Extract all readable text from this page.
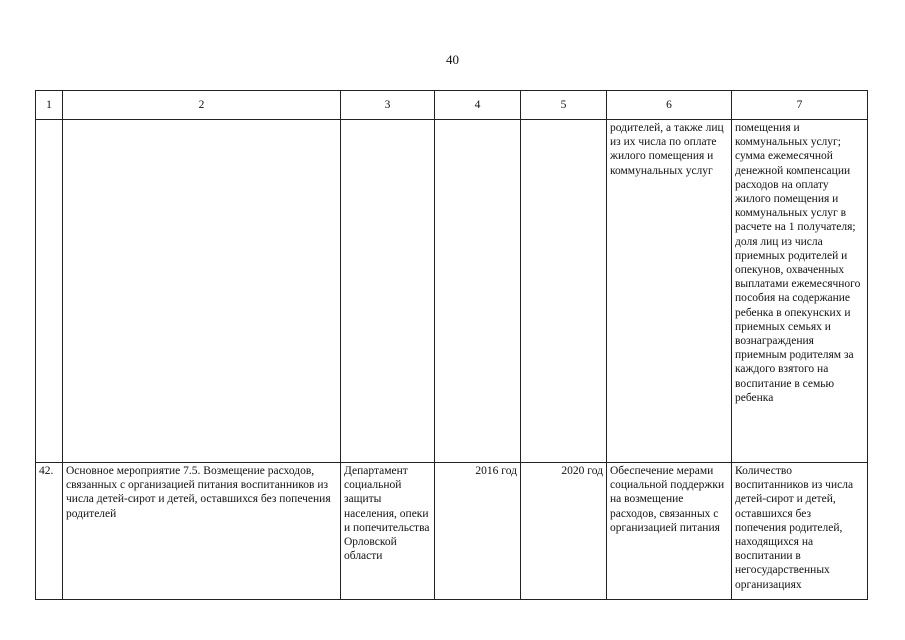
40
1	2	3	4	5	6	7
					родителей, а также лиц из их числа по оплате жилого помещения и коммунальных услуг	помещения и коммунальных услуг; сумма ежемесячной денежной компенсации расходов на оплату жилого помещения и коммунальных услуг в расчете на 1 получателя; доля лиц из числа приемных родителей и опекунов, охваченных выплатами ежемесячного пособия на содержание ребенка в опекунских и приемных семьях и вознаграждения приемным родителям за каждого взятого на воспитание в семью ребенка
42.	Основное мероприятие 7.5. Возмещение расходов, связанных с организацией питания воспитанников из числа детей-сирот и детей, оставшихся без попечения родителей	Департамент социальной защиты населения, опеки и попечительства Орловской области	2016 год	2020 год	Обеспечение мерами социальной поддержки на возмещение расходов, связанных с организацией питания	Количество воспитанников из числа детей-сирот и детей, оставшихся без попечения родителей, находящихся на воспитании в негосударственных организациях
